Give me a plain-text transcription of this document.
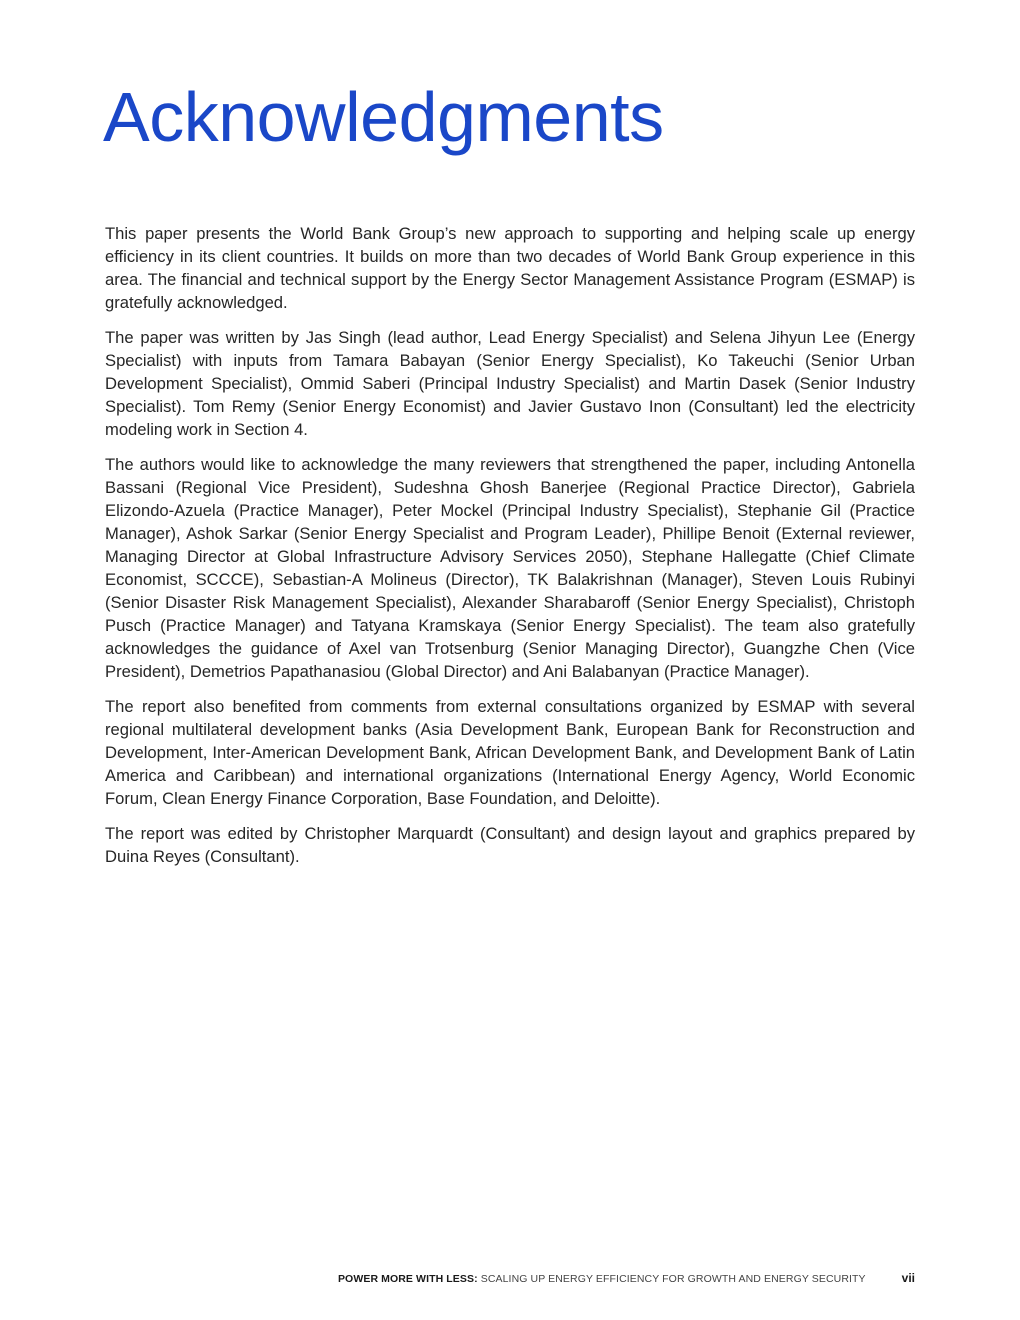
Acknowledgments

This paper presents the World Bank Group’s new approach to supporting and helping scale up energy efficiency in its client countries. It builds on more than two decades of World Bank Group experience in this area. The financial and technical support by the Energy Sector Management Assistance Program (ESMAP) is gratefully acknowledged.

The paper was written by Jas Singh (lead author, Lead Energy Specialist) and Selena Jihyun Lee (Energy Specialist) with inputs from Tamara Babayan (Senior Energy Specialist), Ko Takeuchi (Senior Urban Development Specialist), Ommid Saberi (Principal Industry Specialist) and Martin Dasek (Senior Industry Specialist). Tom Remy (Senior Energy Economist) and Javier Gustavo Inon (Consultant) led the electricity modeling work in Section 4.

The authors would like to acknowledge the many reviewers that strengthened the paper, including Antonella Bassani (Regional Vice President), Sudeshna Ghosh Banerjee (Regional Practice Director), Gabriela Elizondo-Azuela (Practice Manager), Peter Mockel (Principal Industry Specialist), Stephanie Gil (Practice Manager), Ashok Sarkar (Senior Energy Specialist and Program Leader), Phillipe Benoit (External reviewer, Managing Director at Global Infrastructure Advisory Services 2050), Stephane Hallegatte (Chief Climate Economist, SCCCE), Sebastian-A Molineus (Director), TK Balakrishnan (Manager), Steven Louis Rubinyi (Senior Disaster Risk Management Specialist), Alexander Sharabaroff (Senior Energy Specialist), Christoph Pusch (Practice Manager) and Tatyana Kramskaya (Senior Energy Specialist). The team also gratefully acknowledges the guidance of Axel van Trotsenburg (Senior Managing Director), Guangzhe Chen (Vice President), Demetrios Papathanasiou (Global Director) and Ani Balabanyan (Practice Manager).

The report also benefited from comments from external consultations organized by ESMAP with several regional multilateral development banks (Asia Development Bank, European Bank for Reconstruction and Development, Inter-American Development Bank, African Development Bank, and Development Bank of Latin America and Caribbean) and international organizations (International Energy Agency, World Economic Forum, Clean Energy Finance Corporation, Base Foundation, and Deloitte).

The report was edited by Christopher Marquardt (Consultant) and design layout and graphics prepared by Duina Reyes (Consultant).

POWER MORE WITH LESS: SCALING UP ENERGY EFFICIENCY FOR GROWTH AND ENERGY SECURITY	vii
